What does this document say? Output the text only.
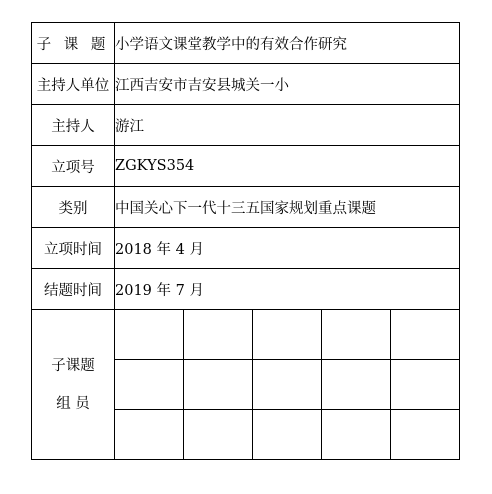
子 课 题	小学语文课堂教学中的有效合作研究				
主持人单位	江西吉安市吉安县城关一小				
主持人	游江				
立项号	ZGKYS354				
类别	中国关心下一代十三五国家规划重点课题				
立项时间	2018 年 4 月				
结题时间	2019 年 7 月				

子课题
组 员					
